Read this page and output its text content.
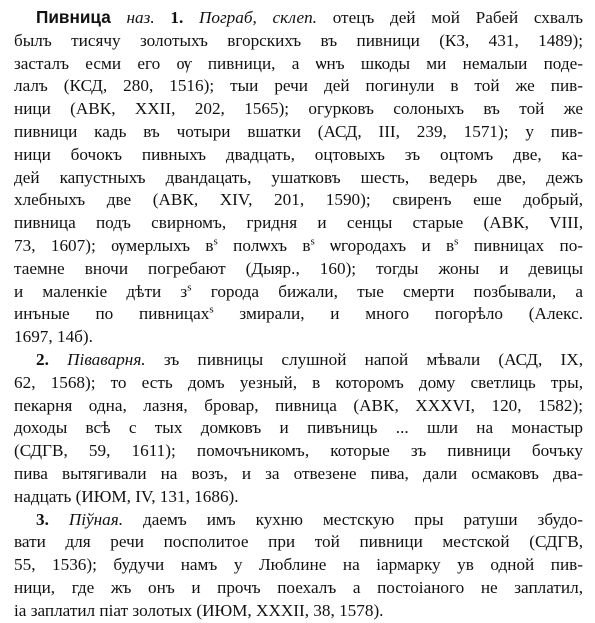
Пивница наз. 1. Пограб, склеп. отецъ дей мой Рабей схвалъ
былъ тисячу золотыхъ вгорскихъ въ пивници (КЗ, 431, 1489);
засталъ есми его ѹ пивници, а ѡнъ шкоды ми немалыи поде-
лалъ (КСД, 280, 1516); тыи речи дей погинули в той же пив-
ници (АВК, XXII, 202, 1565); огурковъ солоныхъ въ той же
пивници кадь въ чотыри вшатки (АСД, III, 239, 1571); у пив-
ници бочокъ пивныхъ двадцать, оцтовыхъ зъ оцтомъ две, ка-
дей капустныхъ двандацать, ушатковъ шесть, ведерь две, дежъ
хлебныхъ две (АВК, XIV, 201, 1590); свиренъ еше добрый,
пивница подъ свирномъ, гридня и сенцы старые (АВК, VIII,
73, 1607); ѹмерлыхъ $в^s$ полѡхъ $в^s$ ѡгородахъ и $в^s$ пивницах по-
таемне вночи погребают (Дыяр., 160); тогды жоны и девицы
и маленкіе дѣти $з^s$ города бижали, тые смерти позбывали, а
инъные по пивницах$^s$ змирали, и много погорѣло (Алекс.
1697, 14б).
2. Піваварня. зъ пивницы слушной напой мѣвали (АСД, IX,
62, 1568); то есть домъ уезный, в которомъ дому светлиць тры,
пекарня одна, лазня, бровар, пивница (АВК, XXXVI, 120, 1582);
доходы всѣ с тых домковъ и пивъниць ... шли на монастыр
(СДГВ, 59, 1611); помочъникомъ, которые зъ пивници бочъку
пива вытягивали на возъ, и за отвезене пива, дали осмаковъ два-
надцать (ИЮМ, IV, 131, 1686).
3. Піўная. даемъ имъ кухню местскую пры ратуши збудо-
вати для речи посполитое при той пивници местской (СДГВ,
55, 1536); будучи намъ у Люблине на іармарку ув одной пив-
ници, где жъ онъ и прочъ поехалъ а постоіаного не заплатил,
іа заплатил піат золотых (ИЮМ, XXXII, 38, 1578).
